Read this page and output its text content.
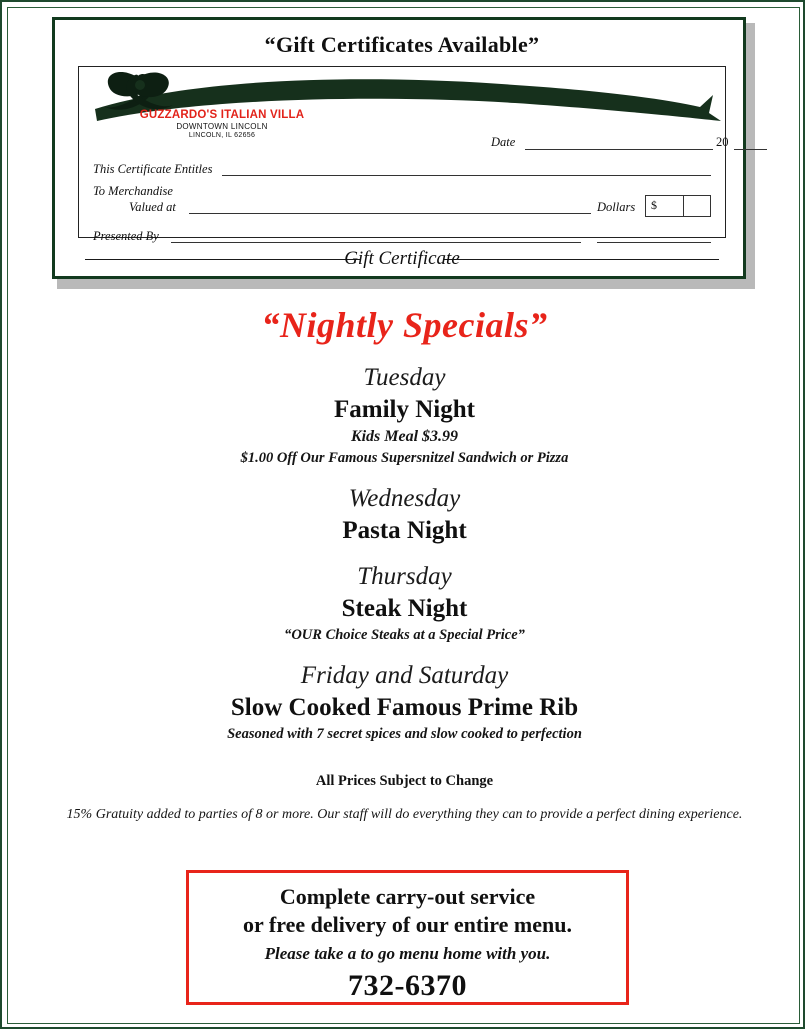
“Gift Certificates Available”
GUZZARDO'S ITALIAN VILLA
DOWNTOWN LINCOLN
LINCOLN, IL 62656	Date	20
This Certificate Entitles
To Merchandise
Valued at	Dollars $
Presented By
Gift Certificate
“Nightly Specials”
Tuesday
Family Night
Kids Meal $3.99
$1.00 Off Our Famous Supersnitzel Sandwich or Pizza
Wednesday
Pasta Night
Thursday
Steak Night
“OUR Choice Steaks at a Special Price”
Friday and Saturday
Slow Cooked Famous Prime Rib
Seasoned with 7 secret spices and slow cooked to perfection
All Prices Subject to Change
15% Gratuity added to parties of 8 or more. Our staff will do everything they can to provide a perfect dining experience.
Complete carry-out service
or free delivery of our entire menu.
Please take a to go menu home with you.
732-6370
